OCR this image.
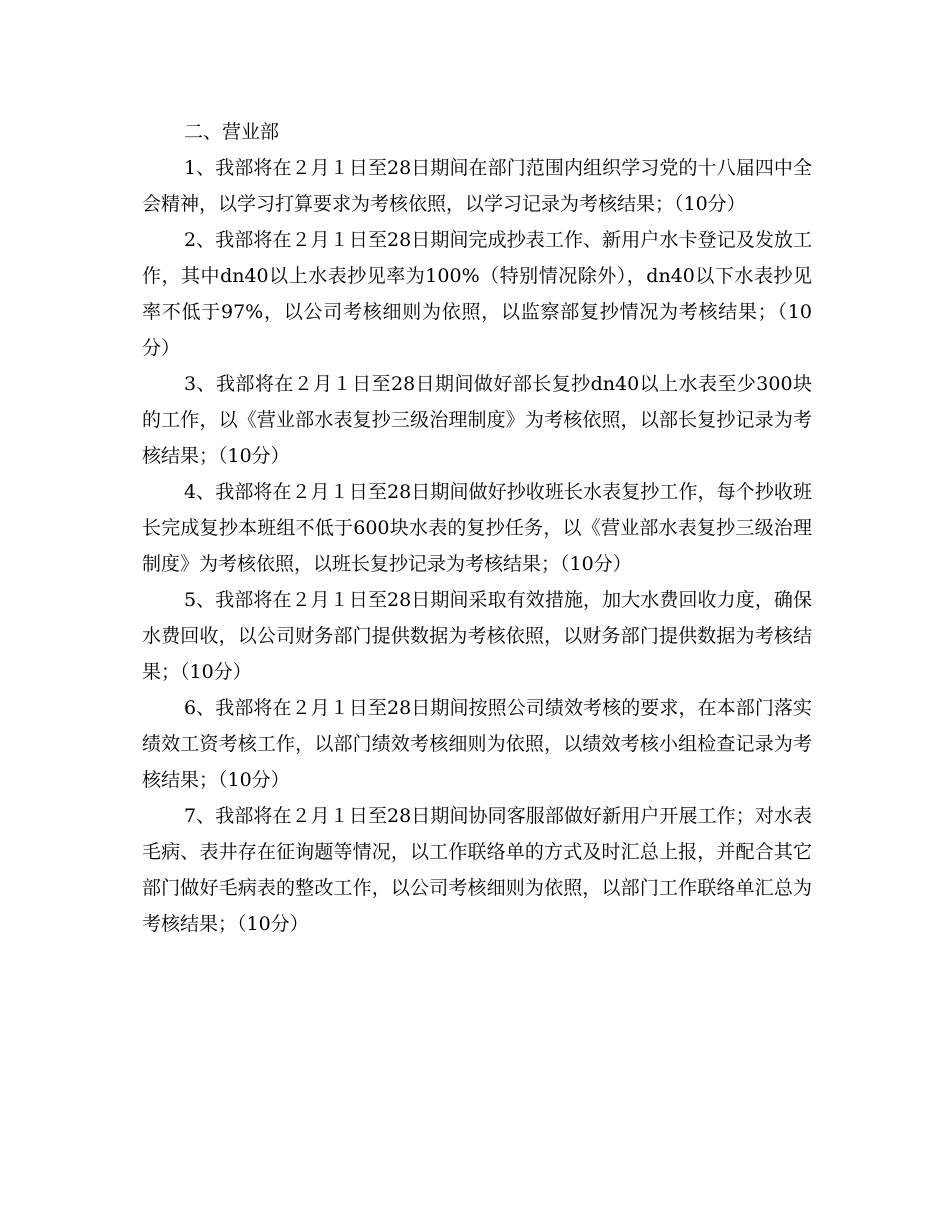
二、营业部

1、我部将在２月１日至28日期间在部门范围内组织学习党的十八届四中全会精神，以学习打算要求为考核依照，以学习记录为考核结果；（10分）

2、我部将在２月１日至28日期间完成抄表工作、新用户水卡登记及发放工作，其中dn40以上水表抄见率为100%（特别情况除外），dn40以下水表抄见率不低于97%，以公司考核细则为依照，以监察部复抄情况为考核结果；（10分）

3、我部将在２月１日至28日期间做好部长复抄dn40以上水表至少300块的工作，以《营业部水表复抄三级治理制度》为考核依照，以部长复抄记录为考核结果；（10分）

4、我部将在２月１日至28日期间做好抄收班长水表复抄工作，每个抄收班长完成复抄本班组不低于600块水表的复抄任务，以《营业部水表复抄三级治理制度》为考核依照，以班长复抄记录为考核结果；（10分）

5、我部将在２月１日至28日期间采取有效措施，加大水费回收力度，确保水费回收，以公司财务部门提供数据为考核依照，以财务部门提供数据为考核结果；（10分）

6、我部将在２月１日至28日期间按照公司绩效考核的要求，在本部门落实绩效工资考核工作，以部门绩效考核细则为依照，以绩效考核小组检查记录为考核结果；（10分）

7、我部将在２月１日至28日期间协同客服部做好新用户开展工作；对水表毛病、表井存在征询题等情况，以工作联络单的方式及时汇总上报，并配合其它部门做好毛病表的整改工作，以公司考核细则为依照，以部门工作联络单汇总为考核结果；（10分）
